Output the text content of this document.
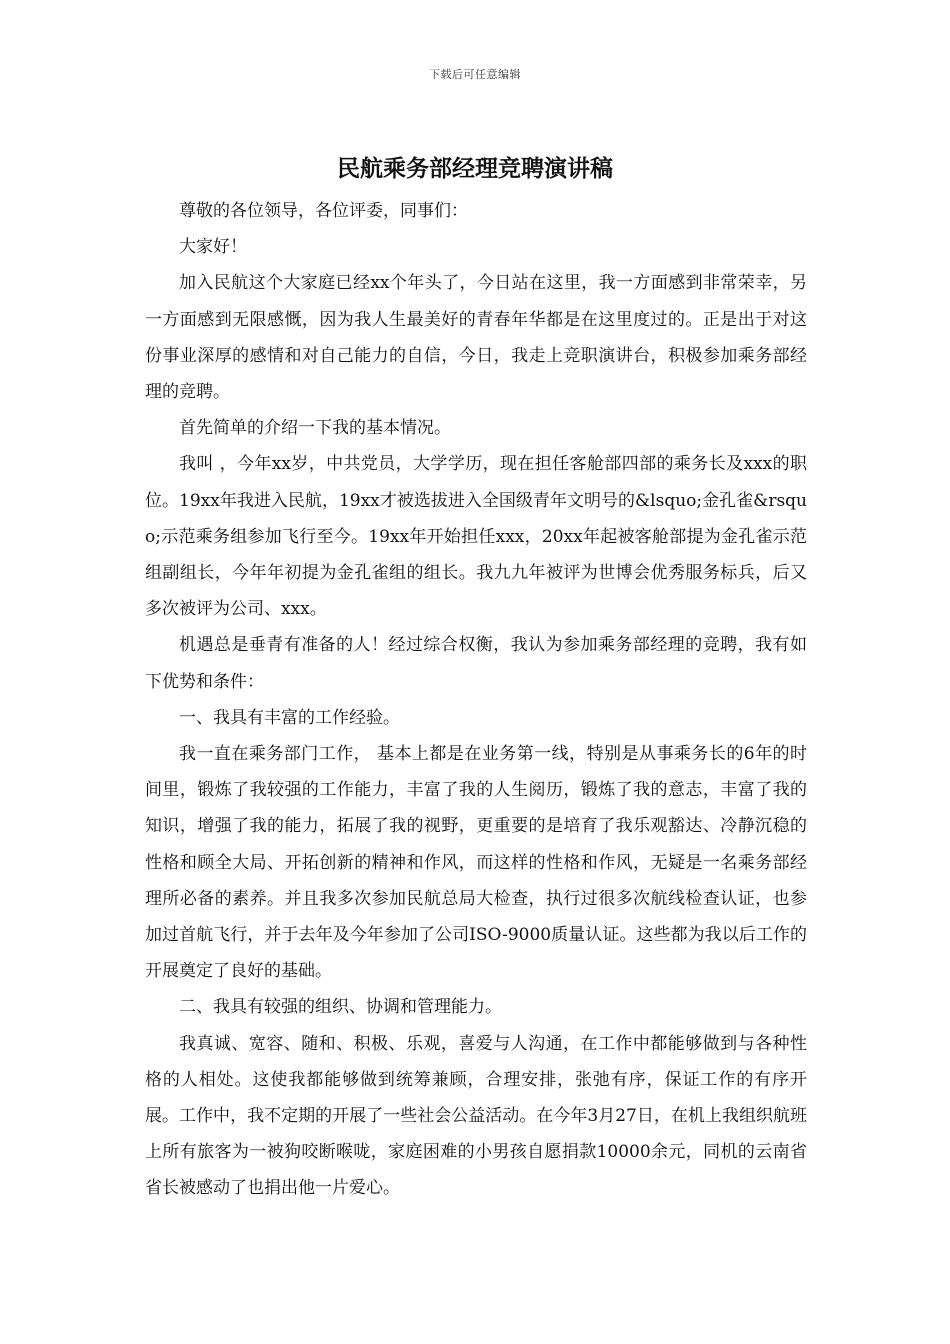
下载后可任意编辑
民航乘务部经理竞聘演讲稿

尊敬的各位领导，各位评委，同事们：

大家好！

加入民航这个大家庭已经xx个年头了，今日站在这里，我一方面感到非常荣幸，另一方面感到无限感慨，因为我人生最美好的青春年华都是在这里度过的。正是出于对这份事业深厚的感情和对自己能力的自信，今日，我走上竞职演讲台，积极参加乘务部经理的竞聘。

首先简单的介绍一下我的基本情况。

我叫 ，今年xx岁，中共党员，大学学历，现在担任客舱部四部的乘务长及xxx的职位。19xx年我进入民航，19xx才被选拔进入全国级青年文明号的&lsquo;金孔雀&rsquo;示范乘务组参加飞行至今。19xx年开始担任xxx，20xx年起被客舱部提为金孔雀示范组副组长，今年年初提为金孔雀组的组长。我九九年被评为世博会优秀服务标兵，后又多次被评为公司、xxx。

机遇总是垂青有准备的人！经过综合权衡，我认为参加乘务部经理的竞聘，我有如下优势和条件：

一、我具有丰富的工作经验。

我一直在乘务部门工作， 基本上都是在业务第一线，特别是从事乘务长的6年的时间里，锻炼了我较强的工作能力，丰富了我的人生阅历，锻炼了我的意志，丰富了我的知识，增强了我的能力，拓展了我的视野，更重要的是培育了我乐观豁达、冷静沉稳的性格和顾全大局、开拓创新的精神和作风，而这样的性格和作风，无疑是一名乘务部经理所必备的素养。并且我多次参加民航总局大检查，执行过很多次航线检查认证，也参加过首航飞行，并于去年及今年参加了公司ISO-9000质量认证。这些都为我以后工作的开展奠定了良好的基础。

二、我具有较强的组织、协调和管理能力。

我真诚、宽容、随和、积极、乐观，喜爱与人沟通，在工作中都能够做到与各种性格的人相处。这使我都能够做到统筹兼顾，合理安排，张弛有序，保证工作的有序开展。工作中，我不定期的开展了一些社会公益活动。在今年3月27日，在机上我组织航班上所有旅客为一被狗咬断喉咙，家庭困难的小男孩自愿捐款10000余元，同机的云南省省长被感动了也捐出他一片爱心。
